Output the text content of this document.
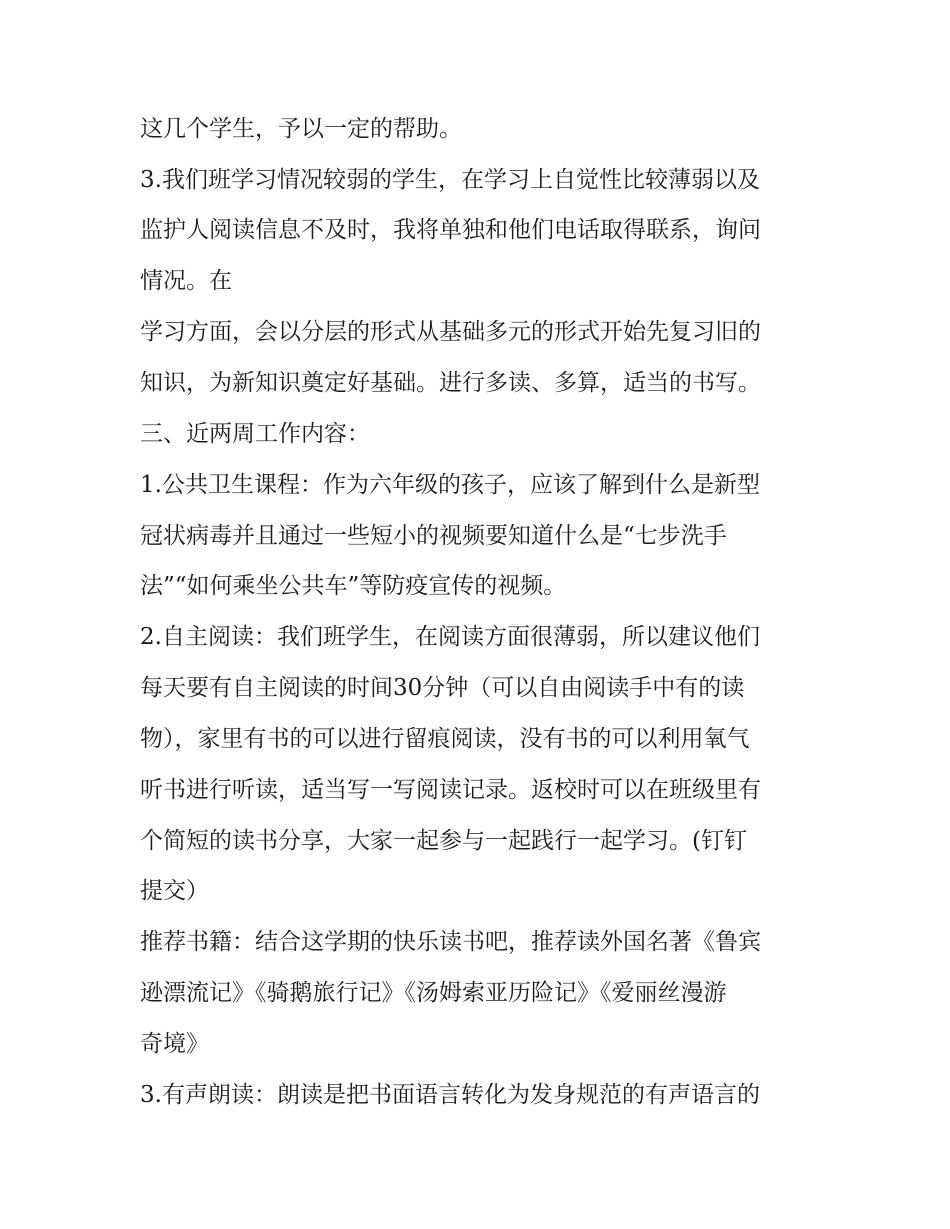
这几个学生，予以一定的帮助。
3.我们班学习情况较弱的学生，在学习上自觉性比较薄弱以及
监护人阅读信息不及时，我将单独和他们电话取得联系，询问
情况。在
学习方面，会以分层的形式从基础多元的形式开始先复习旧的
知识，为新知识奠定好基础。进行多读、多算，适当的书写。
三、近两周工作内容：
1.公共卫生课程：作为六年级的孩子，应该了解到什么是新型
冠状病毒并且通过一些短小的视频要知道什么是“七步洗手
法”“如何乘坐公共车”等防疫宣传的视频。
2.自主阅读：我们班学生，在阅读方面很薄弱，所以建议他们
每天要有自主阅读的时间30分钟（可以自由阅读手中有的读
物），家里有书的可以进行留痕阅读，没有书的可以利用氧气
听书进行听读，适当写一写阅读记录。返校时可以在班级里有
个简短的读书分享，大家一起参与一起践行一起学习。(钉钉
提交）
推荐书籍：结合这学期的快乐读书吧，推荐读外国名著《鲁宾
逊漂流记》《骑鹅旅行记》《汤姆索亚历险记》《爱丽丝漫游
奇境》
3.有声朗读：朗读是把书面语言转化为发身规范的有声语言的
